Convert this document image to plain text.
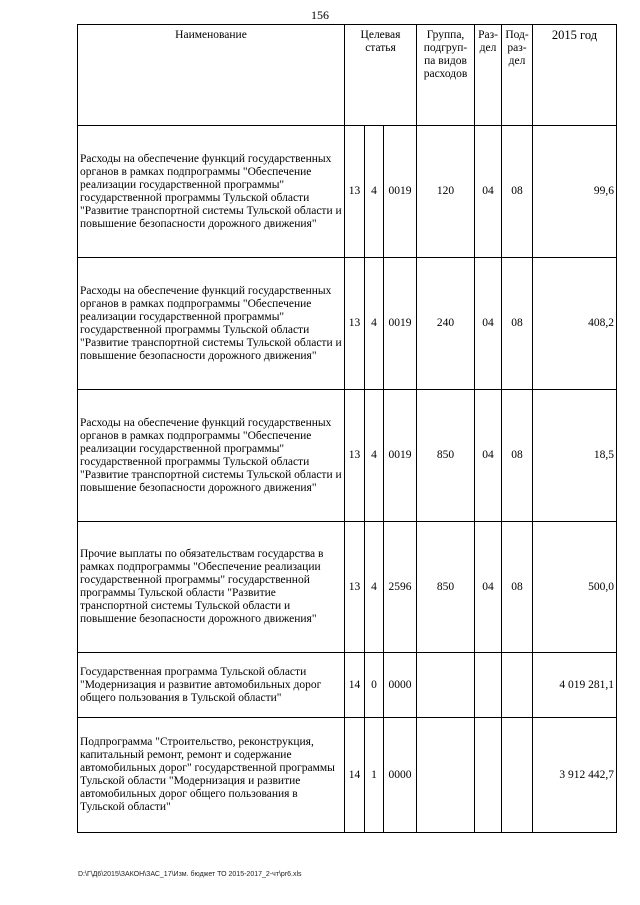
156
Наименование	Целевая статья			Группа, подгруп-па видов расходов	Раз-дел	Под-раз-дел	2015 год
Расходы на обеспечение функций государственных органов в рамках подпрограммы "Обеспечение реализации государственной программы" государственной программы Тульской области "Развитие транспортной системы Тульской области и повышение безопасности дорожного движения"	13	4	0019	120	04	08	99,6
Расходы на обеспечение функций государственных органов в рамках подпрограммы "Обеспечение реализации государственной программы" государственной программы Тульской области "Развитие транспортной системы Тульской области и повышение безопасности дорожного движения"	13	4	0019	240	04	08	408,2
Расходы на обеспечение функций государственных органов в рамках подпрограммы "Обеспечение реализации государственной программы" государственной программы Тульской области "Развитие транспортной системы Тульской области и повышение безопасности дорожного движения"	13	4	0019	850	04	08	18,5
Прочие выплаты по обязательствам государства в рамках подпрограммы "Обеспечение реализации государственной программы" государственной программы Тульской области "Развитие транспортной системы Тульской области и повышение безопасности дорожного движения"	13	4	2596	850	04	08	500,0
Государственная программа Тульской области "Модернизация и развитие автомобильных дорог общего пользования в Тульской области"	14	0	0000				4 019 281,1
Подпрограмма "Строительство, реконструкция, капитальный ремонт, ремонт и содержание автомобильных дорог" государственной программы Тульской области "Модернизация и развитие автомобильных дорог общего пользования в Тульской области"	14	1	0000				3 912 442,7
D:\Г\Д6\2015\ЗАКОН\ЗАС_17\Изм. бюджет ТО 2015-2017_2-чт\pr6.xls
